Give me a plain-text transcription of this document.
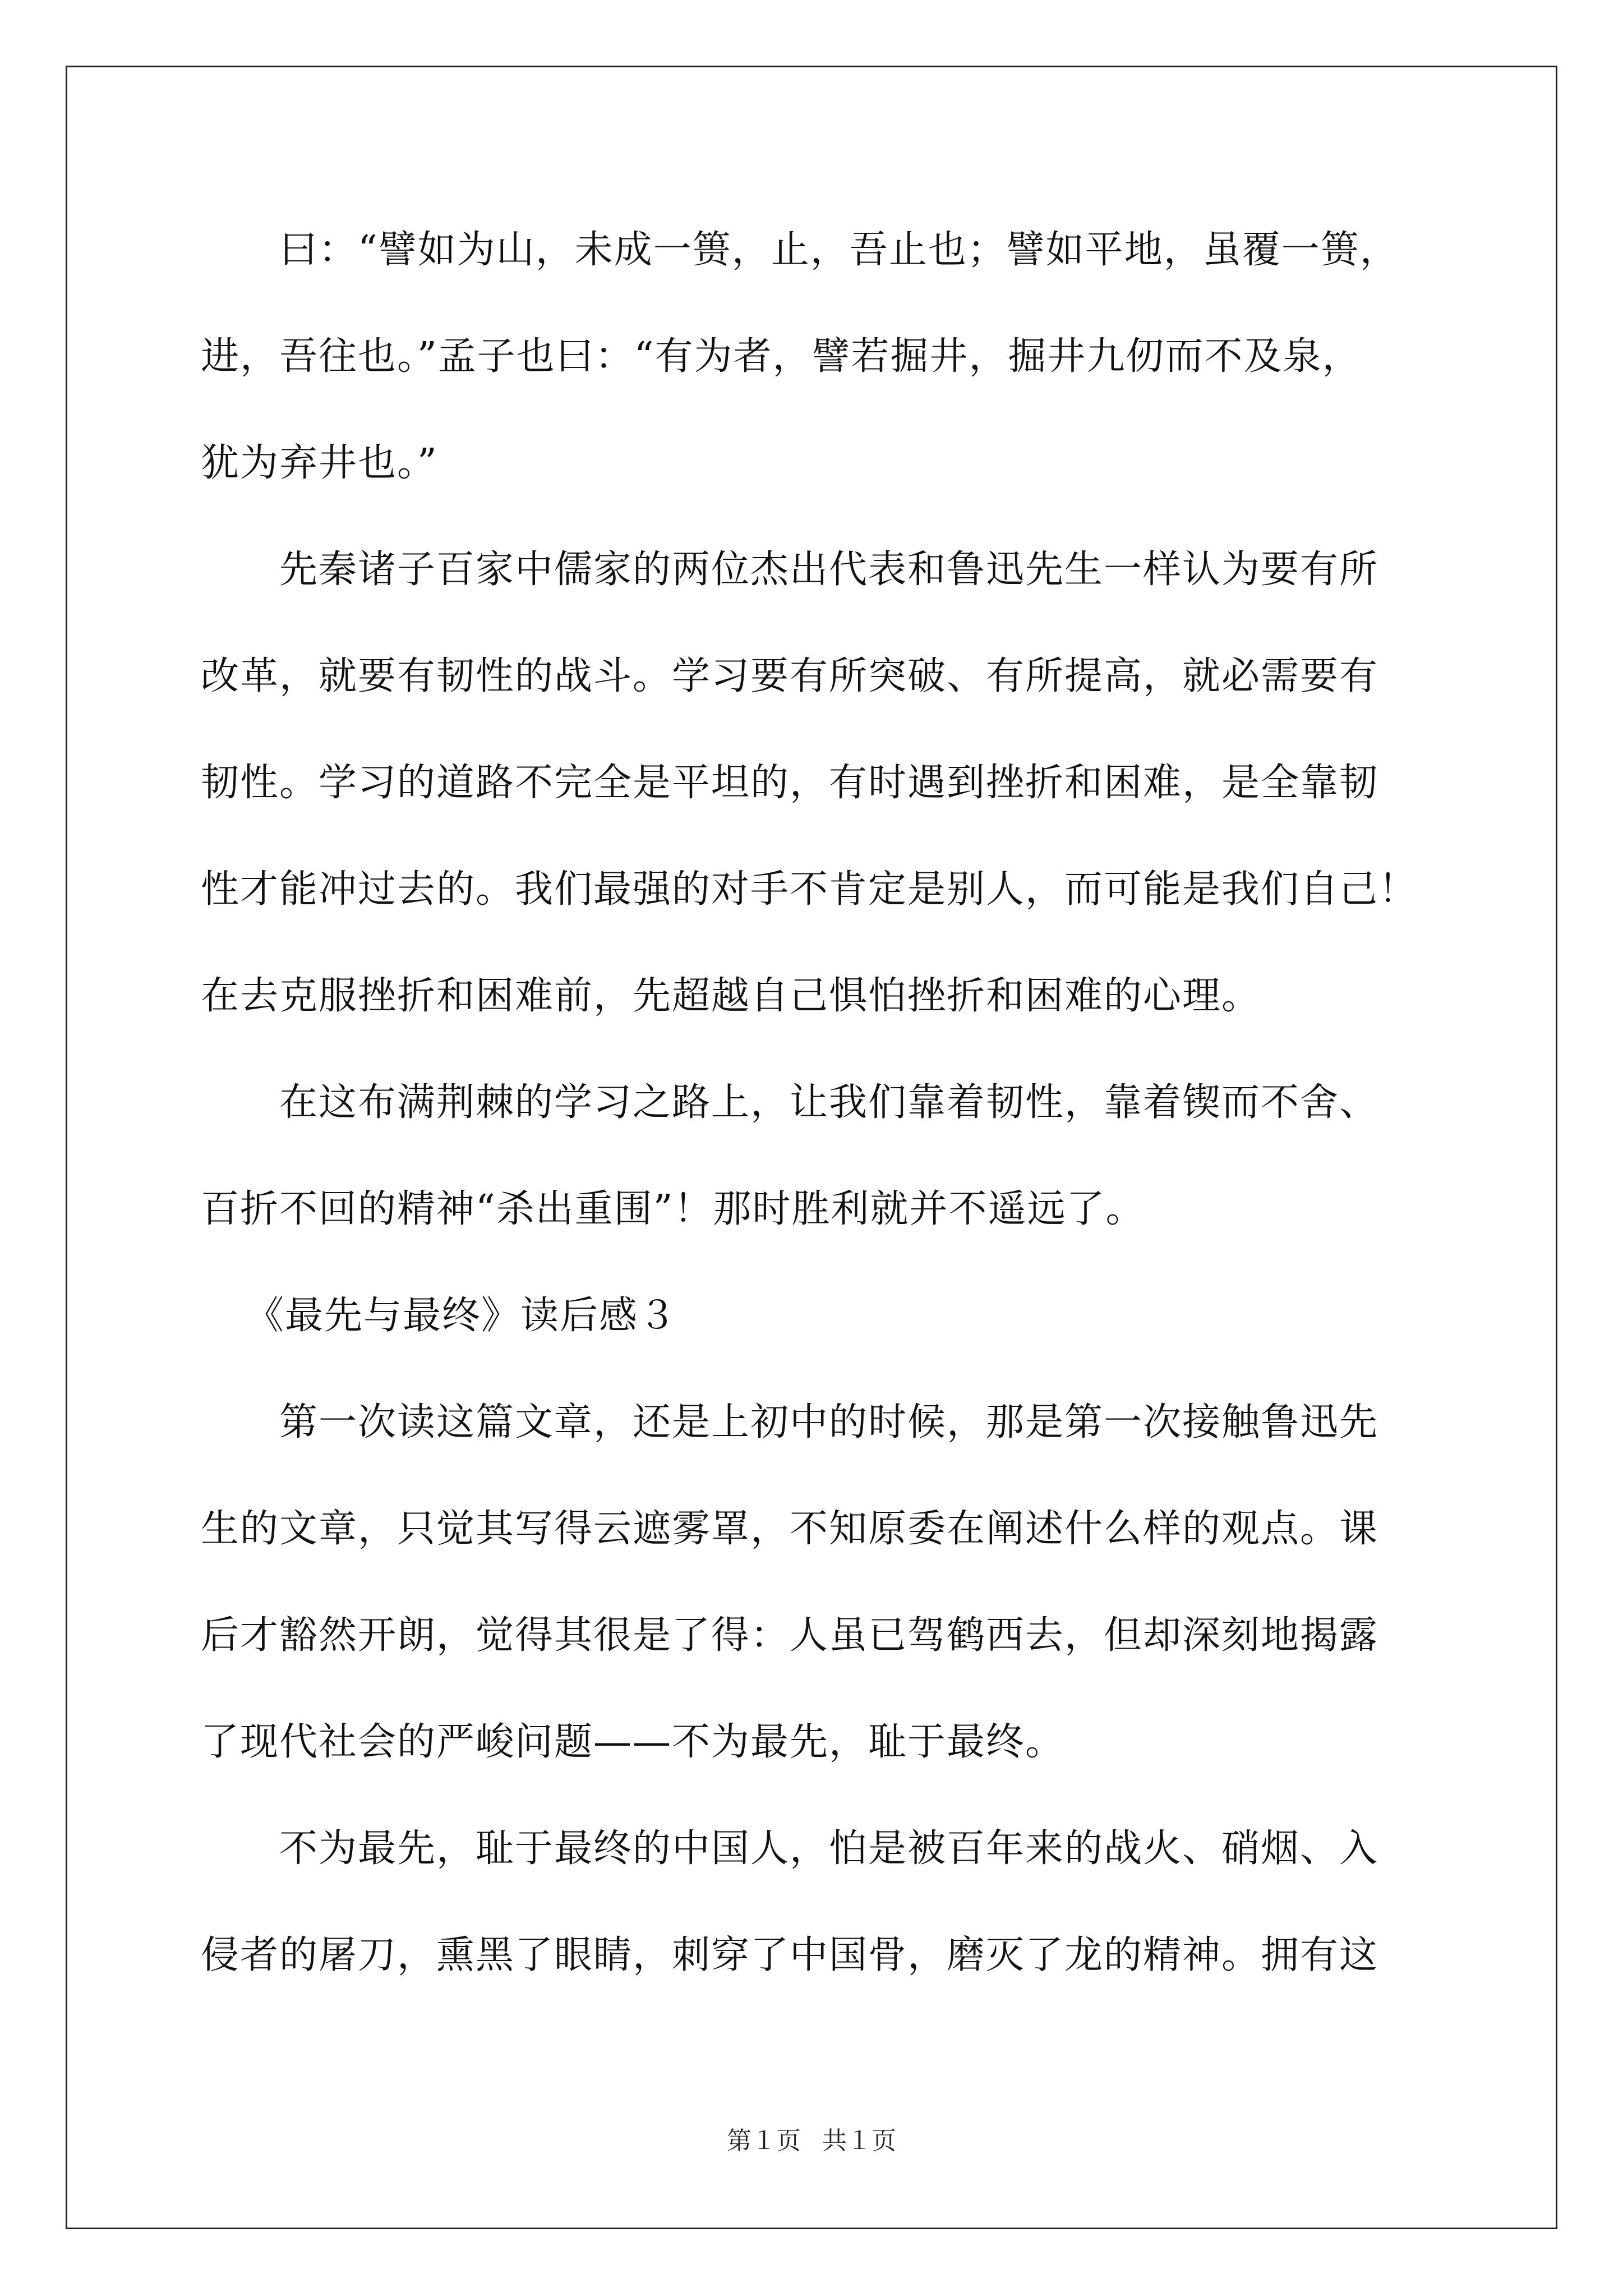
曰：“譬如为山，未成一篑，止，吾止也；譬如平地，虽覆一篑，
进，吾往也。”孟子也曰：“有为者，譬若掘井，掘井九仞而不及泉，
犹为弃井也。”
先秦诸子百家中儒家的两位杰出代表和鲁迅先生一样认为要有所
改革，就要有韧性的战斗。学习要有所突破、有所提高，就必需要有
韧性。学习的道路不完全是平坦的，有时遇到挫折和困难，是全靠韧
性才能冲过去的。我们最强的对手不肯定是别人，而可能是我们自己！
在去克服挫折和困难前，先超越自己惧怕挫折和困难的心理。
在这布满荆棘的学习之路上，让我们靠着韧性，靠着锲而不舍、
百折不回的精神“杀出重围”！那时胜利就并不遥远了。
《最先与最终》读后感３
第一次读这篇文章，还是上初中的时候，那是第一次接触鲁迅先
生的文章，只觉其写得云遮雾罩，不知原委在阐述什么样的观点。课
后才豁然开朗，觉得其很是了得：人虽已驾鹤西去，但却深刻地揭露
了现代社会的严峻问题——不为最先，耻于最终。
不为最先，耻于最终的中国人，怕是被百年来的战火、硝烟、入
侵者的屠刀，熏黑了眼睛，刺穿了中国骨，磨灭了龙的精神。拥有这
第１页 共１页
